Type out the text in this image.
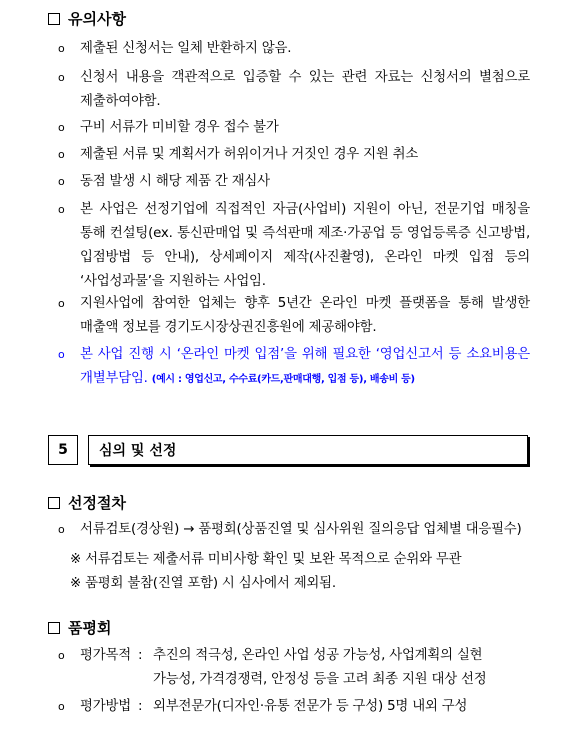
유의사항
o 제출된 신청서는 일체 반환하지 않음.
o 신청서 내용을 객관적으로 입증할 수 있는 관련 자료는 신청서의 별첨으로 제출하여야함.
o 구비 서류가 미비할 경우 접수 불가
o 제출된 서류 및 계획서가 허위이거나 거짓인 경우 지원 취소
o 동점 발생 시 해당 제품 간 재심사
o 본 사업은 선정기업에 직접적인 자금(사업비) 지원이 아닌, 전문기업 매칭을 통해 컨설팅(ex. 통신판매업 및 즉석판매 제조·가공업 등 영업등록증 신고방법, 입점방법 등 안내), 상세페이지 제작(사진촬영), 온라인 마켓 입점 등의 ‘사업성과물’을 지원하는 사업임.
o 지원사업에 참여한 업체는 향후 5년간 온라인 마켓 플랫폼을 통해 발생한 매출액 정보를 경기도시장상권진흥원에 제공해야함.
o 본 사업 진행 시 ‘온라인 마켓 입점’을 위해 필요한 ‘영업신고서 등 소요비용은 개별부담임. (예시 : 영업신고, 수수료(카드,판매대행, 입점 등), 배송비 등)
5	심의 및 선정
선정절차
o 서류검토(경상원) → 품평회(상품진열 및 심사위원 질의응답 업체별 대응필수)
※ 서류검토는 제출서류 미비사항 확인 및 보완 목적으로 순위와 무관
※ 품평회 불참(진열 포함) 시 심사에서 제외됨.
품평회
o 평가목적 : 추진의 적극성, 온라인 사업 성공 가능성, 사업계획의 실현
가능성, 가격경쟁력, 안정성 등을 고려 최종 지원 대상 선정
o 평가방법 : 외부전문가(디자인·유통 전문가 등 구성) 5명 내외 구성
